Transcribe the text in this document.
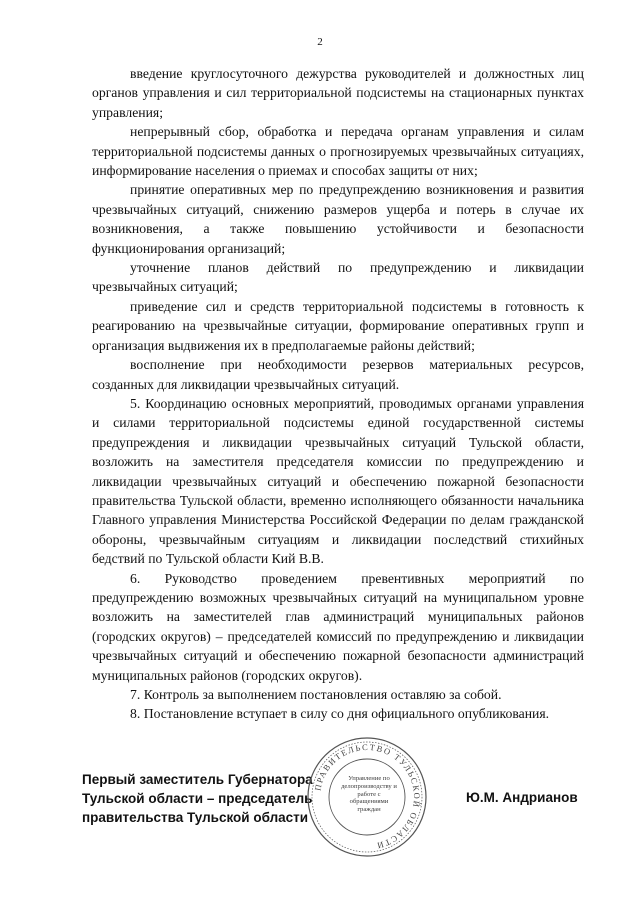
2

введение круглосуточного дежурства руководителей и должностных лиц органов управления и сил территориальной подсистемы на стационарных пунктах управления;

непрерывный сбор, обработка и передача органам управления и силам территориальной подсистемы данных о прогнозируемых чрезвычайных ситуациях, информирование населения о приемах и способах защиты от них;

принятие оперативных мер по предупреждению возникновения и развития чрезвычайных ситуаций, снижению размеров ущерба и потерь в случае их возникновения, а также повышению устойчивости и безопасности функционирования организаций;

уточнение планов действий по предупреждению и ликвидации чрезвычайных ситуаций;

приведение сил и средств территориальной подсистемы в готовность к реагированию на чрезвычайные ситуации, формирование оперативных групп и организация выдвижения их в предполагаемые районы действий;

восполнение при необходимости резервов материальных ресурсов, созданных для ликвидации чрезвычайных ситуаций.

5. Координацию основных мероприятий, проводимых органами управления и силами территориальной подсистемы единой государственной системы предупреждения и ликвидации чрезвычайных ситуаций Тульской области, возложить на заместителя председателя комиссии по предупреждению и ликвидации чрезвычайных ситуаций и обеспечению пожарной безопасности правительства Тульской области, временно исполняющего обязанности начальника Главного управления Министерства Российской Федерации по делам гражданской обороны, чрезвычайным ситуациям и ликвидации последствий стихийных бедствий по Тульской области Кий В.В.

6. Руководство проведением превентивных мероприятий по предупреждению возможных чрезвычайных ситуаций на муниципальном уровне возложить на заместителей глав администраций муниципальных районов (городских округов) – председателей комиссий по предупреждению и ликвидации чрезвычайных ситуаций и обеспечению пожарной безопасности администраций муниципальных районов (городских округов).

7. Контроль за выполнением постановления оставляю за собой.

8. Постановление вступает в силу со дня официального опубликования.

Первый заместитель Губернатора
Тульской области – председатель
правительства Тульской области
ПРАВИТЕЛЬСТВО ТУЛЬСКОЙ ОБЛАСТИ
Управление по делопроизводству и работе с обращениями граждан
Ю.М. Андрианов
